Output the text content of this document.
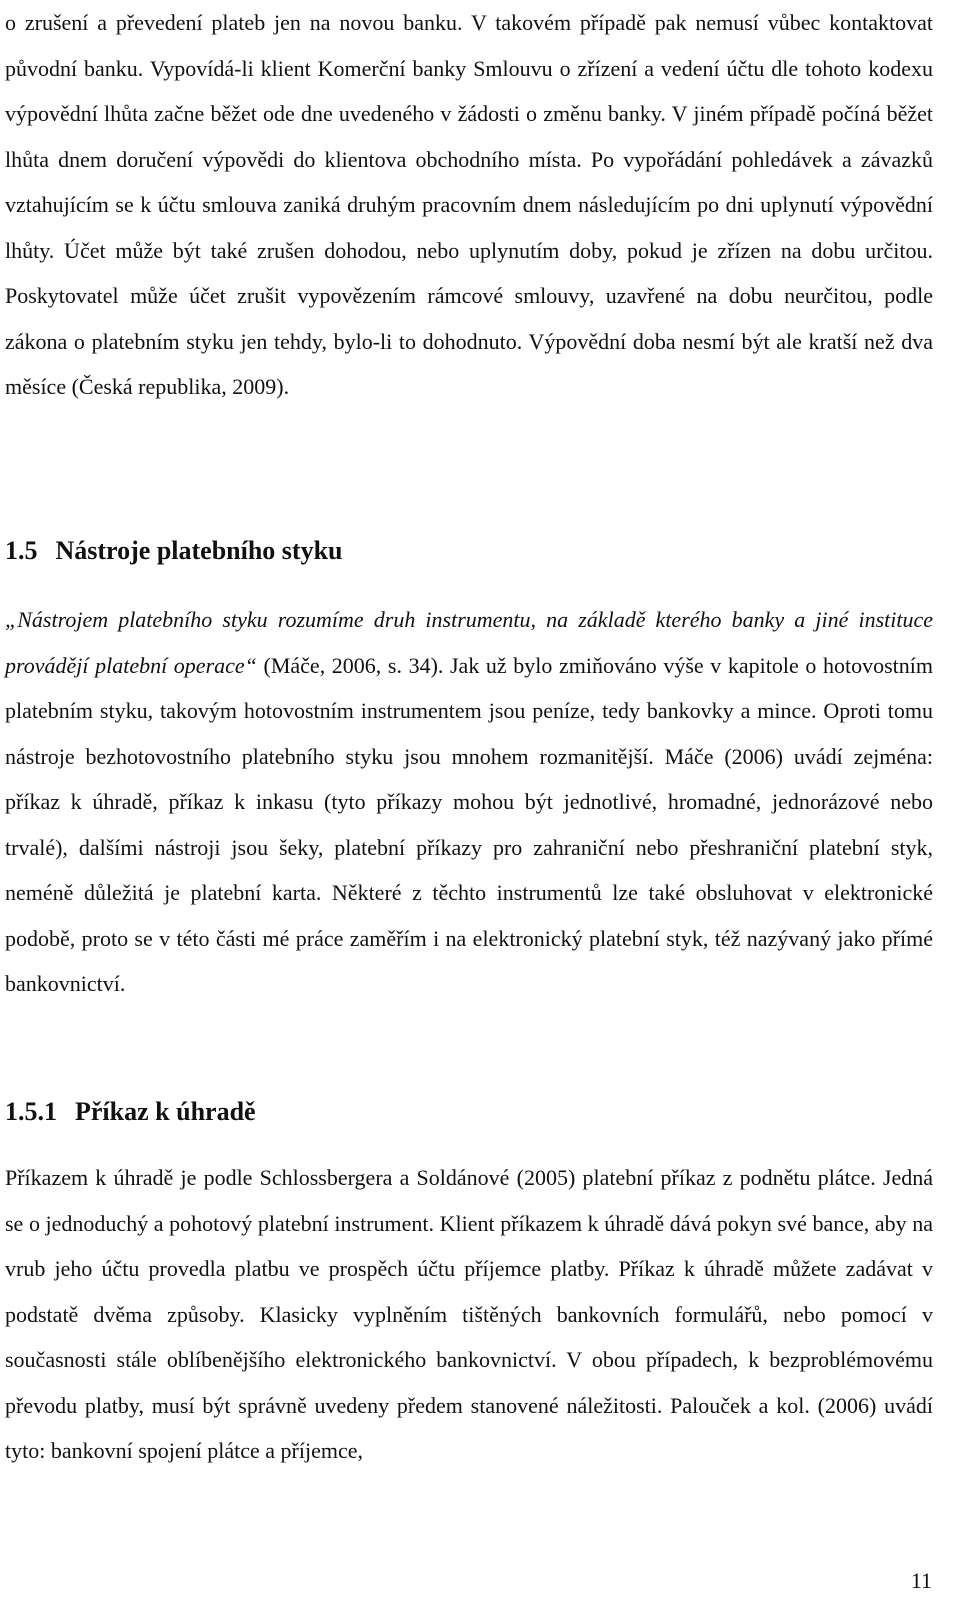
o zrušení a převedení plateb jen na novou banku. V takovém případě pak nemusí vůbec kontaktovat původní banku. Vypovídá-li klient Komerční banky Smlouvu o zřízení a vedení účtu dle tohoto kodexu výpovědní lhůta začne běžet ode dne uvedeného v žádosti o změnu banky. V jiném případě počíná běžet lhůta dnem doručení výpovědi do klientova obchodního místa. Po vypořádání pohledávek a závazků vztahujícím se k účtu smlouva zaniká druhým pracovním dnem následujícím po dni uplynutí výpovědní lhůty. Účet může být také zrušen dohodou, nebo uplynutím doby, pokud je zřízen na dobu určitou. Poskytovatel může účet zrušit vypovězením rámcové smlouvy, uzavřené na dobu neurčitou, podle zákona o platebním styku jen tehdy, bylo-li to dohodnuto. Výpovědní doba nesmí být ale kratší než dva měsíce (Česká republika, 2009).

1.5 Nástroje platebního styku

„Nástrojem platebního styku rozumíme druh instrumentu, na základě kterého banky a jiné instituce provádějí platební operace“ (Máče, 2006, s. 34). Jak už bylo zmiňováno výše v kapitole o hotovostním platebním styku, takovým hotovostním instrumentem jsou peníze, tedy bankovky a mince. Oproti tomu nástroje bezhotovostního platebního styku jsou mnohem rozmanitější. Máče (2006) uvádí zejména: příkaz k úhradě, příkaz k inkasu (tyto příkazy mohou být jednotlivé, hromadné, jednorázové nebo trvalé), dalšími nástroji jsou šeky, platební příkazy pro zahraniční nebo přeshraniční platební styk, neméně důležitá je platební karta. Některé z těchto instrumentů lze také obsluhovat v elektronické podobě, proto se v této části mé práce zaměřím i na elektronický platební styk, též nazývaný jako přímé bankovnictví.

1.5.1 Příkaz k úhradě

Příkazem k úhradě je podle Schlossbergera a Soldánové (2005) platební příkaz z podnětu plátce. Jedná se o jednoduchý a pohotový platební instrument. Klient příkazem k úhradě dává pokyn své bance, aby na vrub jeho účtu provedla platbu ve prospěch účtu příjemce platby. Příkaz k úhradě můžete zadávat v podstatě dvěma způsoby. Klasicky vyplněním tištěných bankovních formulářů, nebo pomocí v současnosti stále oblíbenějšího elektronického bankovnictví. V obou případech, k bezproblémovému převodu platby, musí být správně uvedeny předem stanovené náležitosti. Palouček a kol. (2006) uvádí tyto: bankovní spojení plátce a příjemce,

11
